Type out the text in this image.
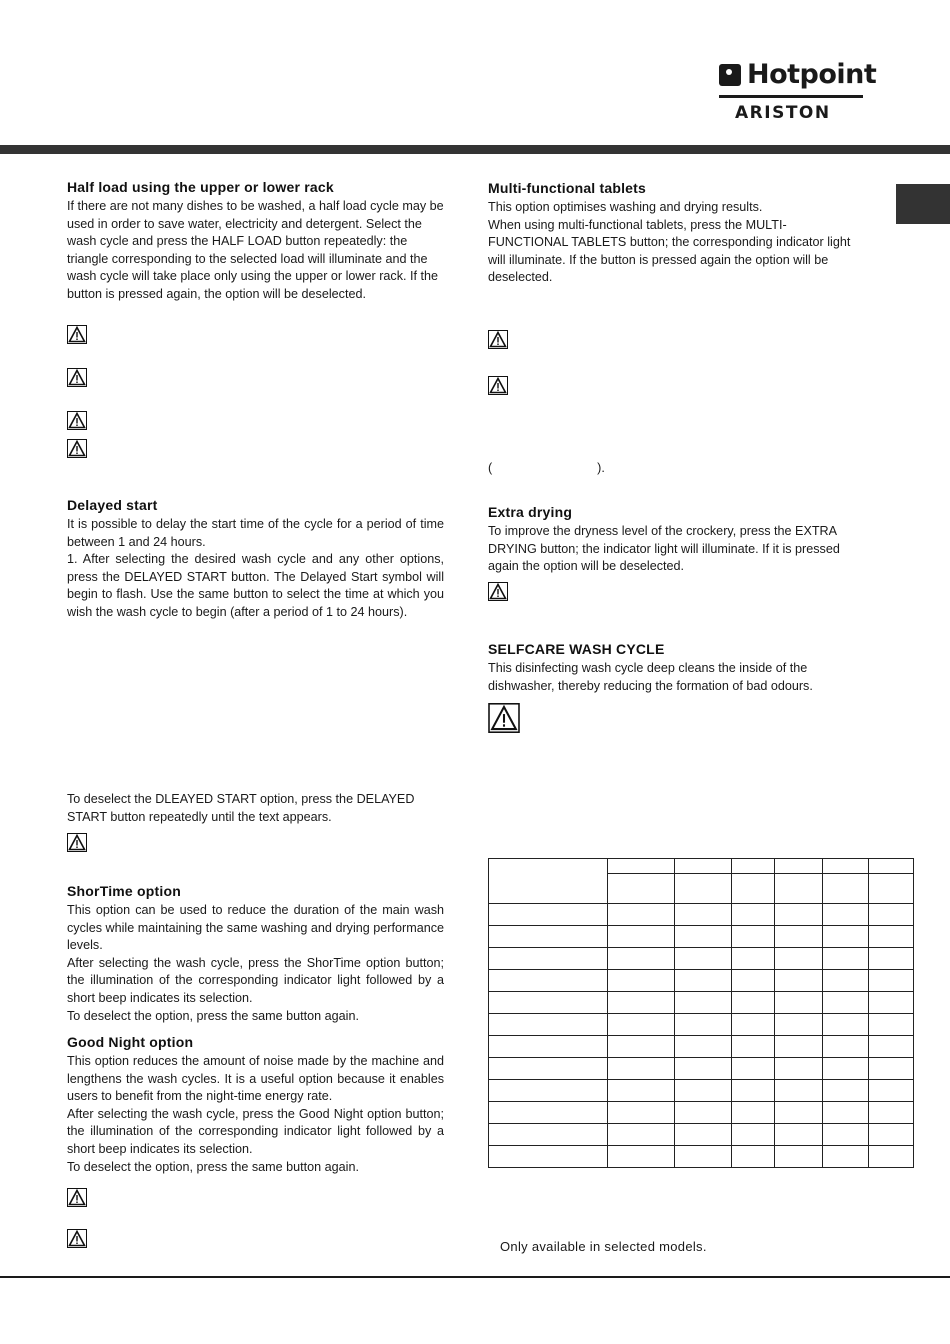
Hotpoint
ARISTON
Half load using the upper or lower rack

If there are not many dishes to be washed, a half load cycle may be used in order to save water, electricity and detergent. Select the wash cycle and press the HALF LOAD button repeatedly: the triangle corresponding to the selected load will illuminate and the wash cycle will take place only using the upper or lower rack. If the button is pressed again, the option will be deselected.

Delayed start

It is possible to delay the start time of the cycle for a period of time between 1 and 24 hours.

1. After selecting the desired wash cycle and any other options, press the DELAYED START button. The Delayed Start symbol will begin to flash. Use the same button to select the time at which you wish the wash cycle to begin (after a period of 1 to 24 hours).

To deselect the DLEAYED START option, press the DELAYED START button repeatedly until the text appears.

ShorTime option

This option can be used to reduce the duration of the main wash cycles while maintaining the same washing and drying performance levels.

After selecting the wash cycle, press the ShorTime option button; the illumination of the corresponding indicator light followed by a short beep indicates its selection.

To deselect the option, press the same button again.

Good Night option

This option reduces the amount of noise made by the machine and lengthens the wash cycles. It is a useful option because it enables users to benefit from the night-time energy rate.

After selecting the wash cycle, press the Good Night option button; the illumination of the corresponding indicator light followed by a short beep indicates its selection.

To deselect the option, press the same button again.

Multi-functional tablets

This option optimises washing and drying results.

When using multi-functional tablets, press the MULTI-FUNCTIONAL TABLETS button; the corresponding indicator light will illuminate. If the button is pressed again the option will be deselected.

(                              ).

Extra drying

To improve the dryness level of the crockery, press the EXTRA DRYING button; the indicator light will illuminate. If it is pressed again the option will be deselected.

SELFCARE WASH CYCLE

This disinfecting wash cycle deep cleans the inside of the dishwasher, thereby reducing the formation of bad odours.

Only available in selected models.
